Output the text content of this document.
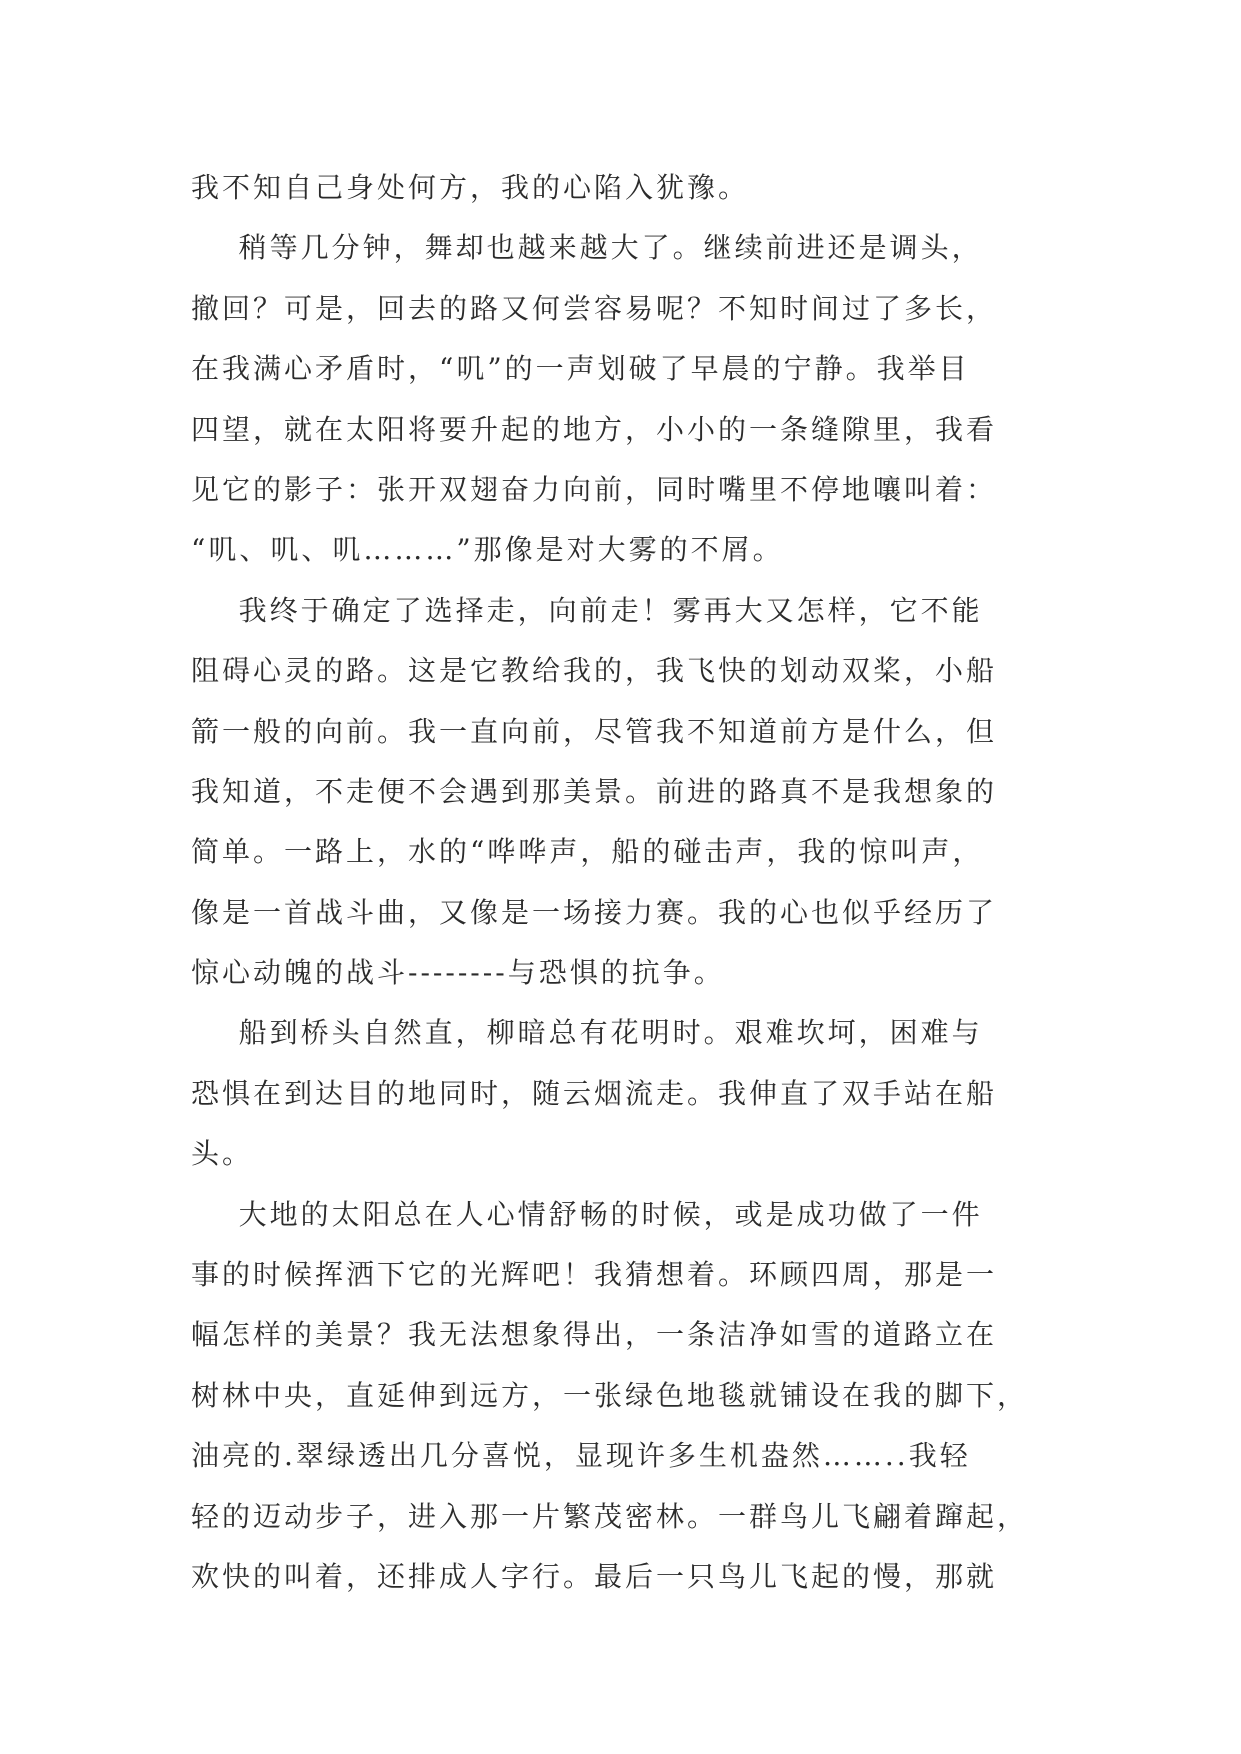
我不知自己身处何方，我的心陷入犹豫。
稍等几分钟，舞却也越来越大了。继续前进还是调头，
撤回？可是，回去的路又何尝容易呢？不知时间过了多长，
在我满心矛盾时，“叽”的一声划破了早晨的宁静。我举目
四望，就在太阳将要升起的地方，小小的一条缝隙里，我看
见它的影子：张开双翅奋力向前，同时嘴里不停地嚷叫着：
“叽、叽、叽………”那像是对大雾的不屑。
我终于确定了选择走，向前走！雾再大又怎样，它不能
阻碍心灵的路。这是它教给我的，我飞快的划动双桨，小船
箭一般的向前。我一直向前，尽管我不知道前方是什么，但
我知道，不走便不会遇到那美景。前进的路真不是我想象的
简单。一路上，水的“哗哗声，船的碰击声，我的惊叫声，
像是一首战斗曲，又像是一场接力赛。我的心也似乎经历了
惊心动魄的战斗--------与恐惧的抗争。
船到桥头自然直，柳暗总有花明时。艰难坎坷，困难与
恐惧在到达目的地同时，随云烟流走。我伸直了双手站在船
头。
大地的太阳总在人心情舒畅的时候，或是成功做了一件
事的时候挥洒下它的光辉吧！我猜想着。环顾四周，那是一
幅怎样的美景？我无法想象得出，一条洁净如雪的道路立在
树林中央，直延伸到远方，一张绿色地毯就铺设在我的脚下，
油亮的.翠绿透出几分喜悦，显现许多生机盎然……..我轻
轻的迈动步子，进入那一片繁茂密林。一群鸟儿飞翩着蹿起，
欢快的叫着，还排成人字行。最后一只鸟儿飞起的慢，那就
